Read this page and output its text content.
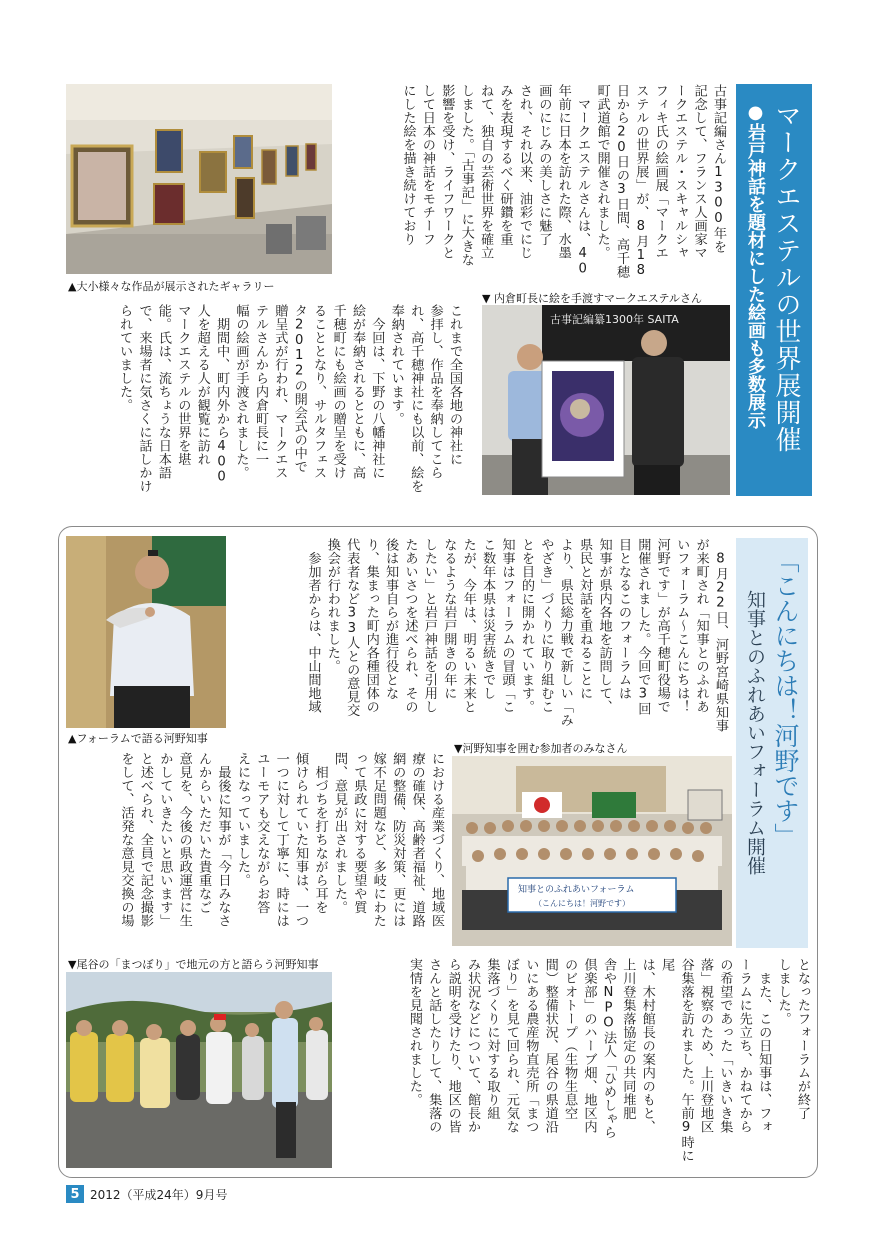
マークエステルの世界展開催
●岩戸神話を題材にした絵画も多数展示
古事記編さん1300年を
記念して、フランス人画家マ
ークエステル・スキャルシャ
フィキ氏の絵画展「マークエ
ステルの世界展」が、8月18
日から20日の3日間、高千穂
町武道館で開催されました。
　マークエステルさんは、40
年前に日本を訪れた際、水墨
画のにじみの美しさに魅了
され、それ以来、油彩でにじ
みを表現するべく研鑽を重
ねて、独自の芸術世界を確立
しました。「古事記」に大きな
影響を受け、ライフワークと
して日本の神話をモチーフ
にした絵を描き続けており
▲大小様々な作品が展示されたギャラリー
これまで全国各地の神社に
参拝し、作品を奉納してこら
れ、高千穂神社にも以前、絵を
奉納されています。
　今回は、下野の八幡神社に
絵が奉納されるとともに、高
千穂町にも絵画の贈呈を受け
ることとなり、サルタフェス
タ2012の開会式の中で
贈呈式が行われ、マークエス
テルさんから内倉町長に一
幅の絵画が手渡されました。
　期間中、町内外から400
人を超える人が観覧に訪れ
マークエステルの世界を堪
能。氏は、流ちょうな日本語
で、来場者に気さくに話しかけ
られていました。
▼ 内倉町長に絵を手渡すマークエステルさん
古事記編纂1300年 SAITA
「こんにちは！河野です」
知事とのふれあいフォーラム開催
▲フォーラムで語る河野知事
　8月22日、河野宮崎県知事
が来町され「知事とのふれあ
いフォーラム〜こんにちは！
河野です」が高千穂町役場で
開催されました。今回で3回
目となるこのフォーラムは
知事が県内各地を訪問して、
県民と対話を重ねることに
より、県民総力戦で新しい「み
やざき」づくりに取り組むこ
とを目的に開かれています。
知事はフォーラムの冒頭「こ
こ数年本県は災害続きでし
たが、今年は、明るい未来と
なるような岩戸開きの年に
したい」と岩戸神話を引用し
たあいさつを述べられ、その
後は知事自らが進行役とな
り、集まった町内各種団体の
代表者など33人との意見交
換会が行われました。
　参加者からは、中山間地域
における産業づくり、地域医
療の確保、高齢者福祉、道路
網の整備、防災対策、更には
嫁不足問題など、多岐にわた
って県政に対する要望や質
問、意見が出されました。
　相づちを打ちながら耳を
傾けられていた知事は、一つ
一つに対して丁寧に、時には
ユーモアも交えながらお答
えになっていました。
　最後に知事が「今日みなさ
んからいただいた貴重なご
意見を、今後の県政運営に生
かしていきたいと思います」
と述べられ、全員で記念撮影
をして、活発な意見交換の場
▼河野知事を囲む参加者のみなさん
知事とのふれあいフォーラム
（こんにちは！河野です）
▼尾谷の「まつぼり」で地元の方と語らう河野知事	となったフォーラムが終了
しました。
　また、この日知事は、フォ
ーラムに先立ち、かねてから
の希望であった「いきいき集
落」視察のため、上川登地区
谷集落を訪れました。午前9時に尾
は、木村館長の案内のもと、
上川登集落協定の共同堆肥
舎やNPO法人「ひめしゃら
倶楽部」のハーブ畑、地区内
のビオトープ（生物生息空
間）整備状況、尾谷の県道沿
いにある農産物直売所「まつ
ぼり」を見て回られ、元気な
集落づくりに対する取り組
み状況などについて、館長か
ら説明を受けたり、地区の皆
さんと話したりして、集落の
実情を見聞されました。
5 2012（平成24年）9月号
